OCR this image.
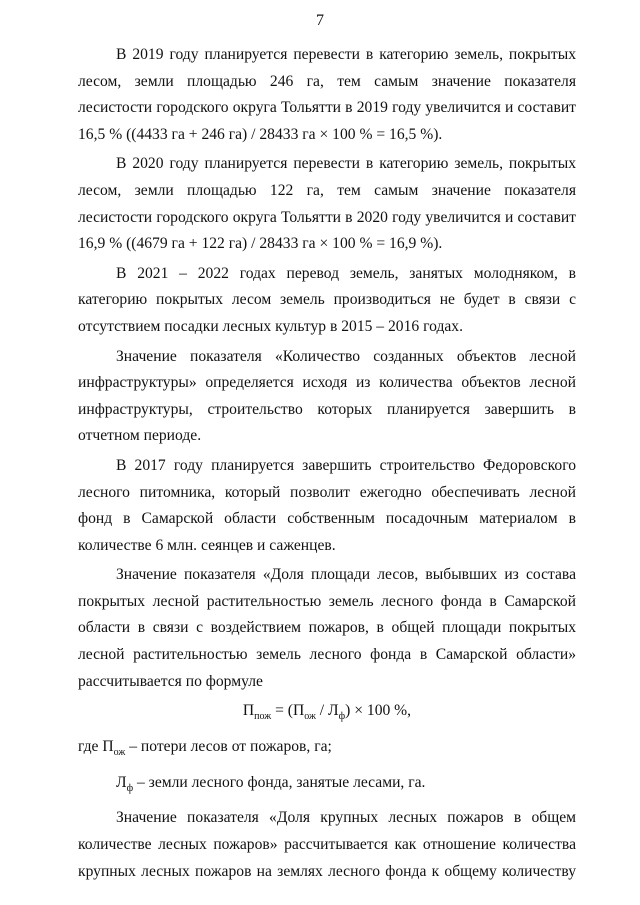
7

В 2019 году планируется перевести в категорию земель, покрытых лесом, земли площадью 246 га, тем самым значение показателя лесистости городского округа Тольятти в 2019 году увеличится и составит 16,5 % ((4433 га + 246 га) / 28433 га × 100 % = 16,5 %).

В 2020 году планируется перевести в категорию земель, покрытых лесом, земли площадью 122 га, тем самым значение показателя лесистости городского округа Тольятти в 2020 году увеличится и составит 16,9 % ((4679 га + 122 га) / 28433 га × 100 % = 16,9 %).

В 2021 – 2022 годах перевод земель, занятых молодняком, в категорию покрытых лесом земель производиться не будет в связи с отсутствием посадки лесных культур в 2015 – 2016 годах.

Значение показателя «Количество созданных объектов лесной инфраструктуры» определяется исходя из количества объектов лесной инфраструктуры, строительство которых планируется завершить в отчетном периоде.

В 2017 году планируется завершить строительство Федоровского лесного питомника, который позволит ежегодно обеспечивать лесной фонд в Самарской области собственным посадочным материалом в количестве 6 млн. сеянцев и саженцев.

Значение показателя «Доля площади лесов, выбывших из состава покрытых лесной растительностью земель лесного фонда в Самарской области в связи с воздействием пожаров, в общей площади покрытых лесной растительностью земель лесного фонда в Самарской области» рассчитывается по формуле

$П_{пож} = (П_{ож} / Л_ф) \times 100$ %,
где $П_{ож}$ – потери лесов от пожаров, га;
$Л_ф$ – земли лесного фонда, занятые лесами, га.

Значение показателя «Доля крупных лесных пожаров в общем количестве лесных пожаров» рассчитывается как отношение количества крупных лесных пожаров на землях лесного фонда к общему количеству
